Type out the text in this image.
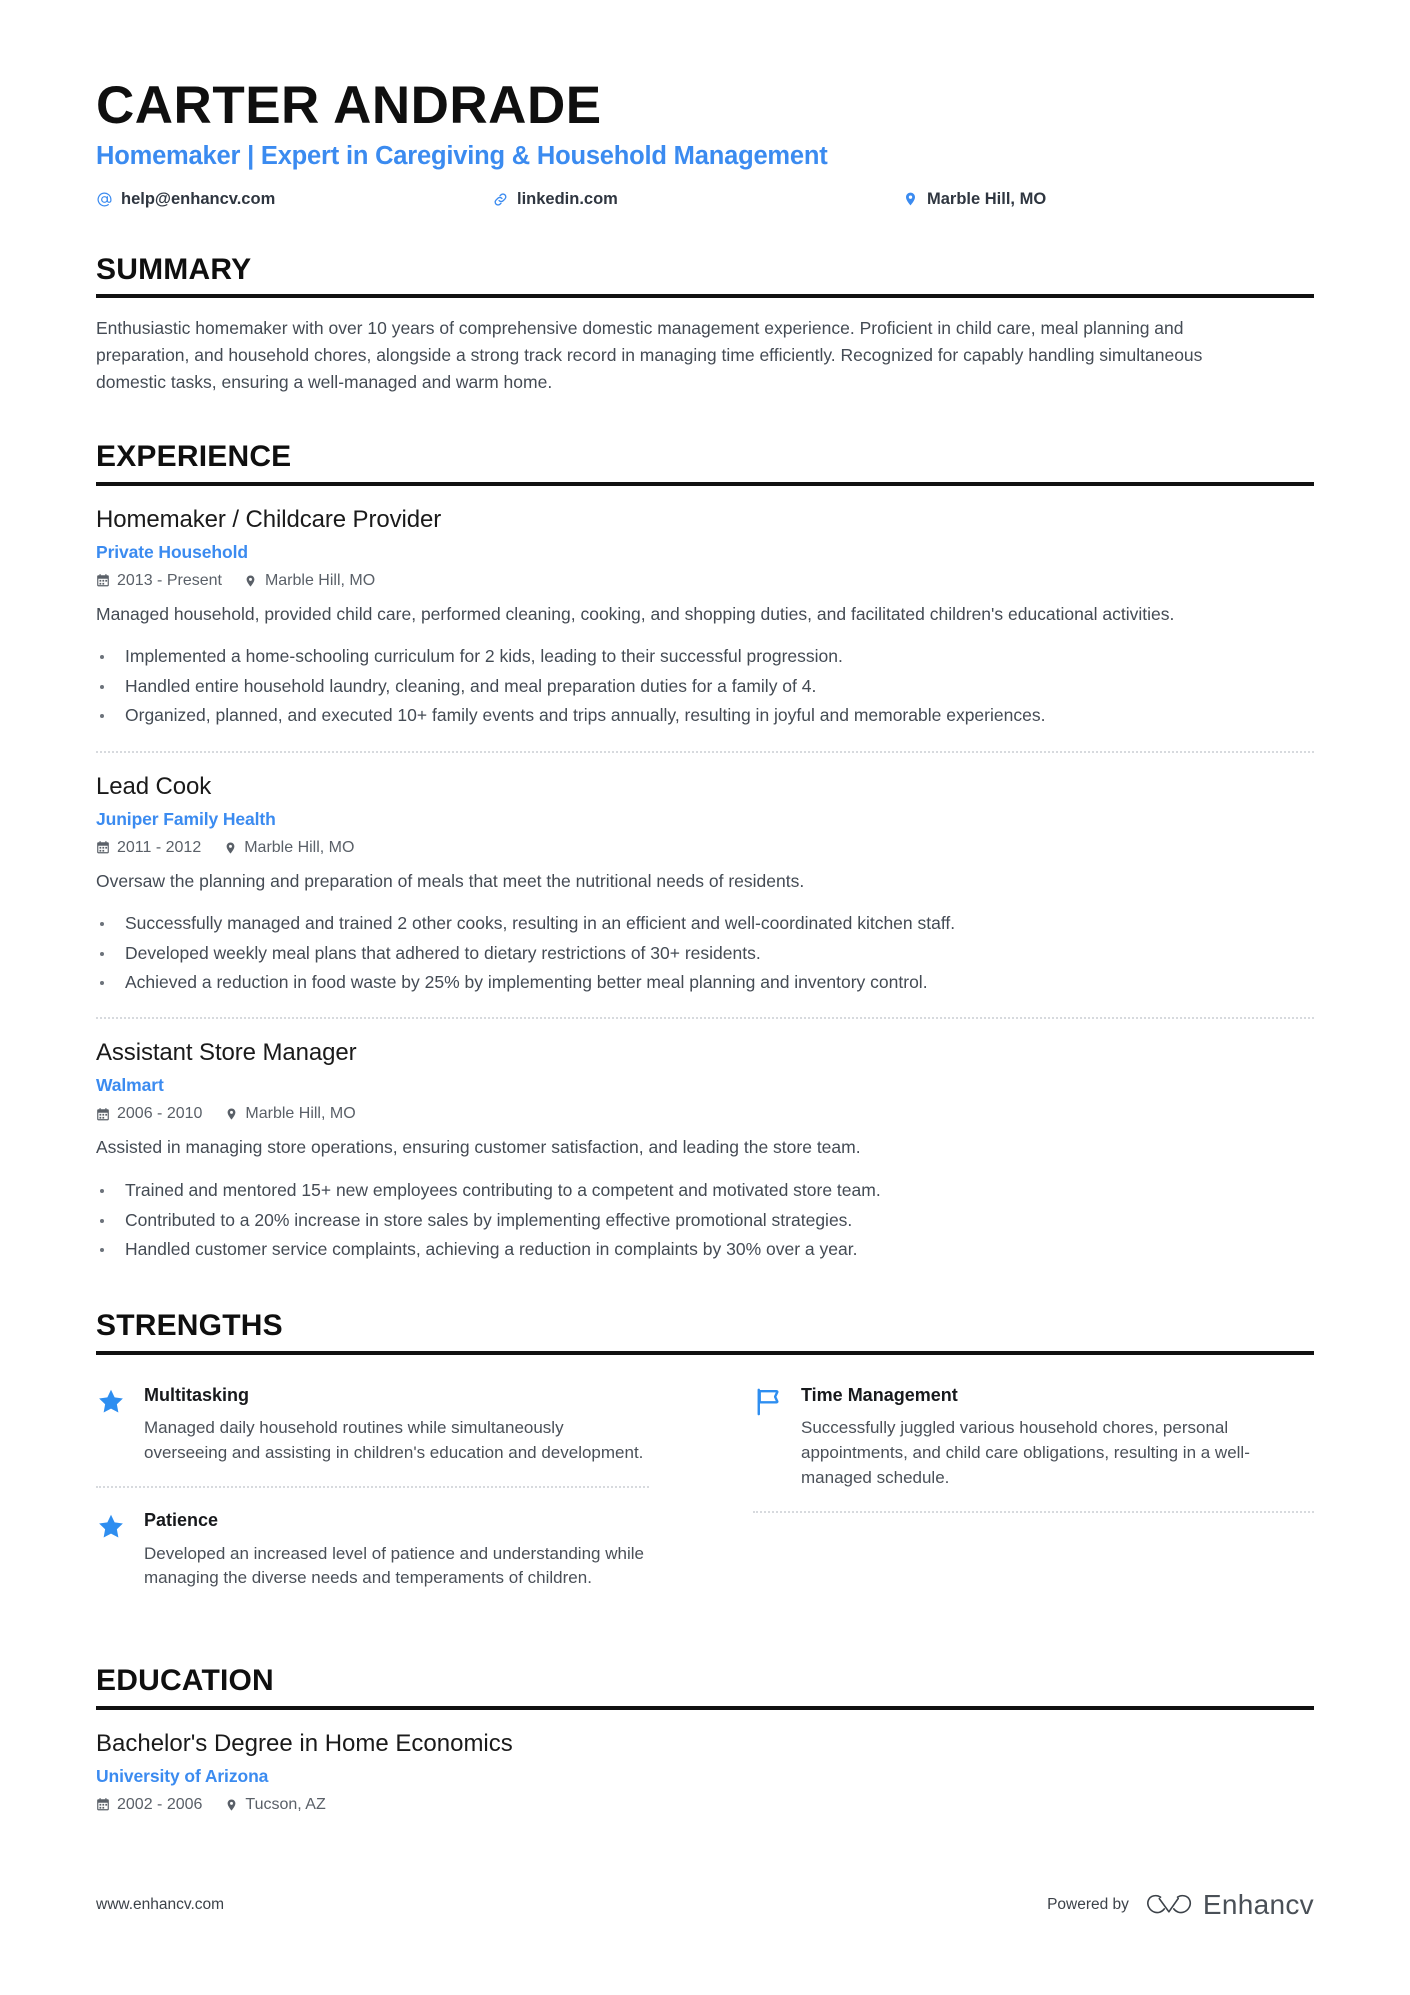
CARTER ANDRADE
Homemaker | Expert in Caregiving & Household Management
help@enhancv.com	linkedin.com	Marble Hill, MO
SUMMARY

Enthusiastic homemaker with over 10 years of comprehensive domestic management experience. Proficient in child care, meal planning and preparation, and household chores, alongside a strong track record in managing time efficiently. Recognized for capably handling simultaneous domestic tasks, ensuring a well-managed and warm home.

EXPERIENCE
Homemaker / Childcare Provider
Private Household
2013 - Present	Marble Hill, MO

Managed household, provided child care, performed cleaning, cooking, and shopping duties, and facilitated children's educational activities.

Implemented a home-schooling curriculum for 2 kids, leading to their successful progression.
Handled entire household laundry, cleaning, and meal preparation duties for a family of 4.
Organized, planned, and executed 10+ family events and trips annually, resulting in joyful and memorable experiences.
Lead Cook
Juniper Family Health
2011 - 2012	Marble Hill, MO

Oversaw the planning and preparation of meals that meet the nutritional needs of residents.

Successfully managed and trained 2 other cooks, resulting in an efficient and well-coordinated kitchen staff.
Developed weekly meal plans that adhered to dietary restrictions of 30+ residents.
Achieved a reduction in food waste by 25% by implementing better meal planning and inventory control.
Assistant Store Manager
Walmart
2006 - 2010	Marble Hill, MO

Assisted in managing store operations, ensuring customer satisfaction, and leading the store team.

Trained and mentored 15+ new employees contributing to a competent and motivated store team.
Contributed to a 20% increase in store sales by implementing effective promotional strategies.
Handled customer service complaints, achieving a reduction in complaints by 30% over a year.
STRENGTHS
Multitasking
Managed daily household routines while simultaneously overseeing and assisting in children's education and development.
Patience
Developed an increased level of patience and understanding while managing the diverse needs and temperaments of children.
Time Management
Successfully juggled various household chores, personal appointments, and child care obligations, resulting in a well-managed schedule.
EDUCATION
Bachelor's Degree in Home Economics
University of Arizona
2002 - 2006	Tucson, AZ
www.enhancv.com	Powered by	Enhancv
